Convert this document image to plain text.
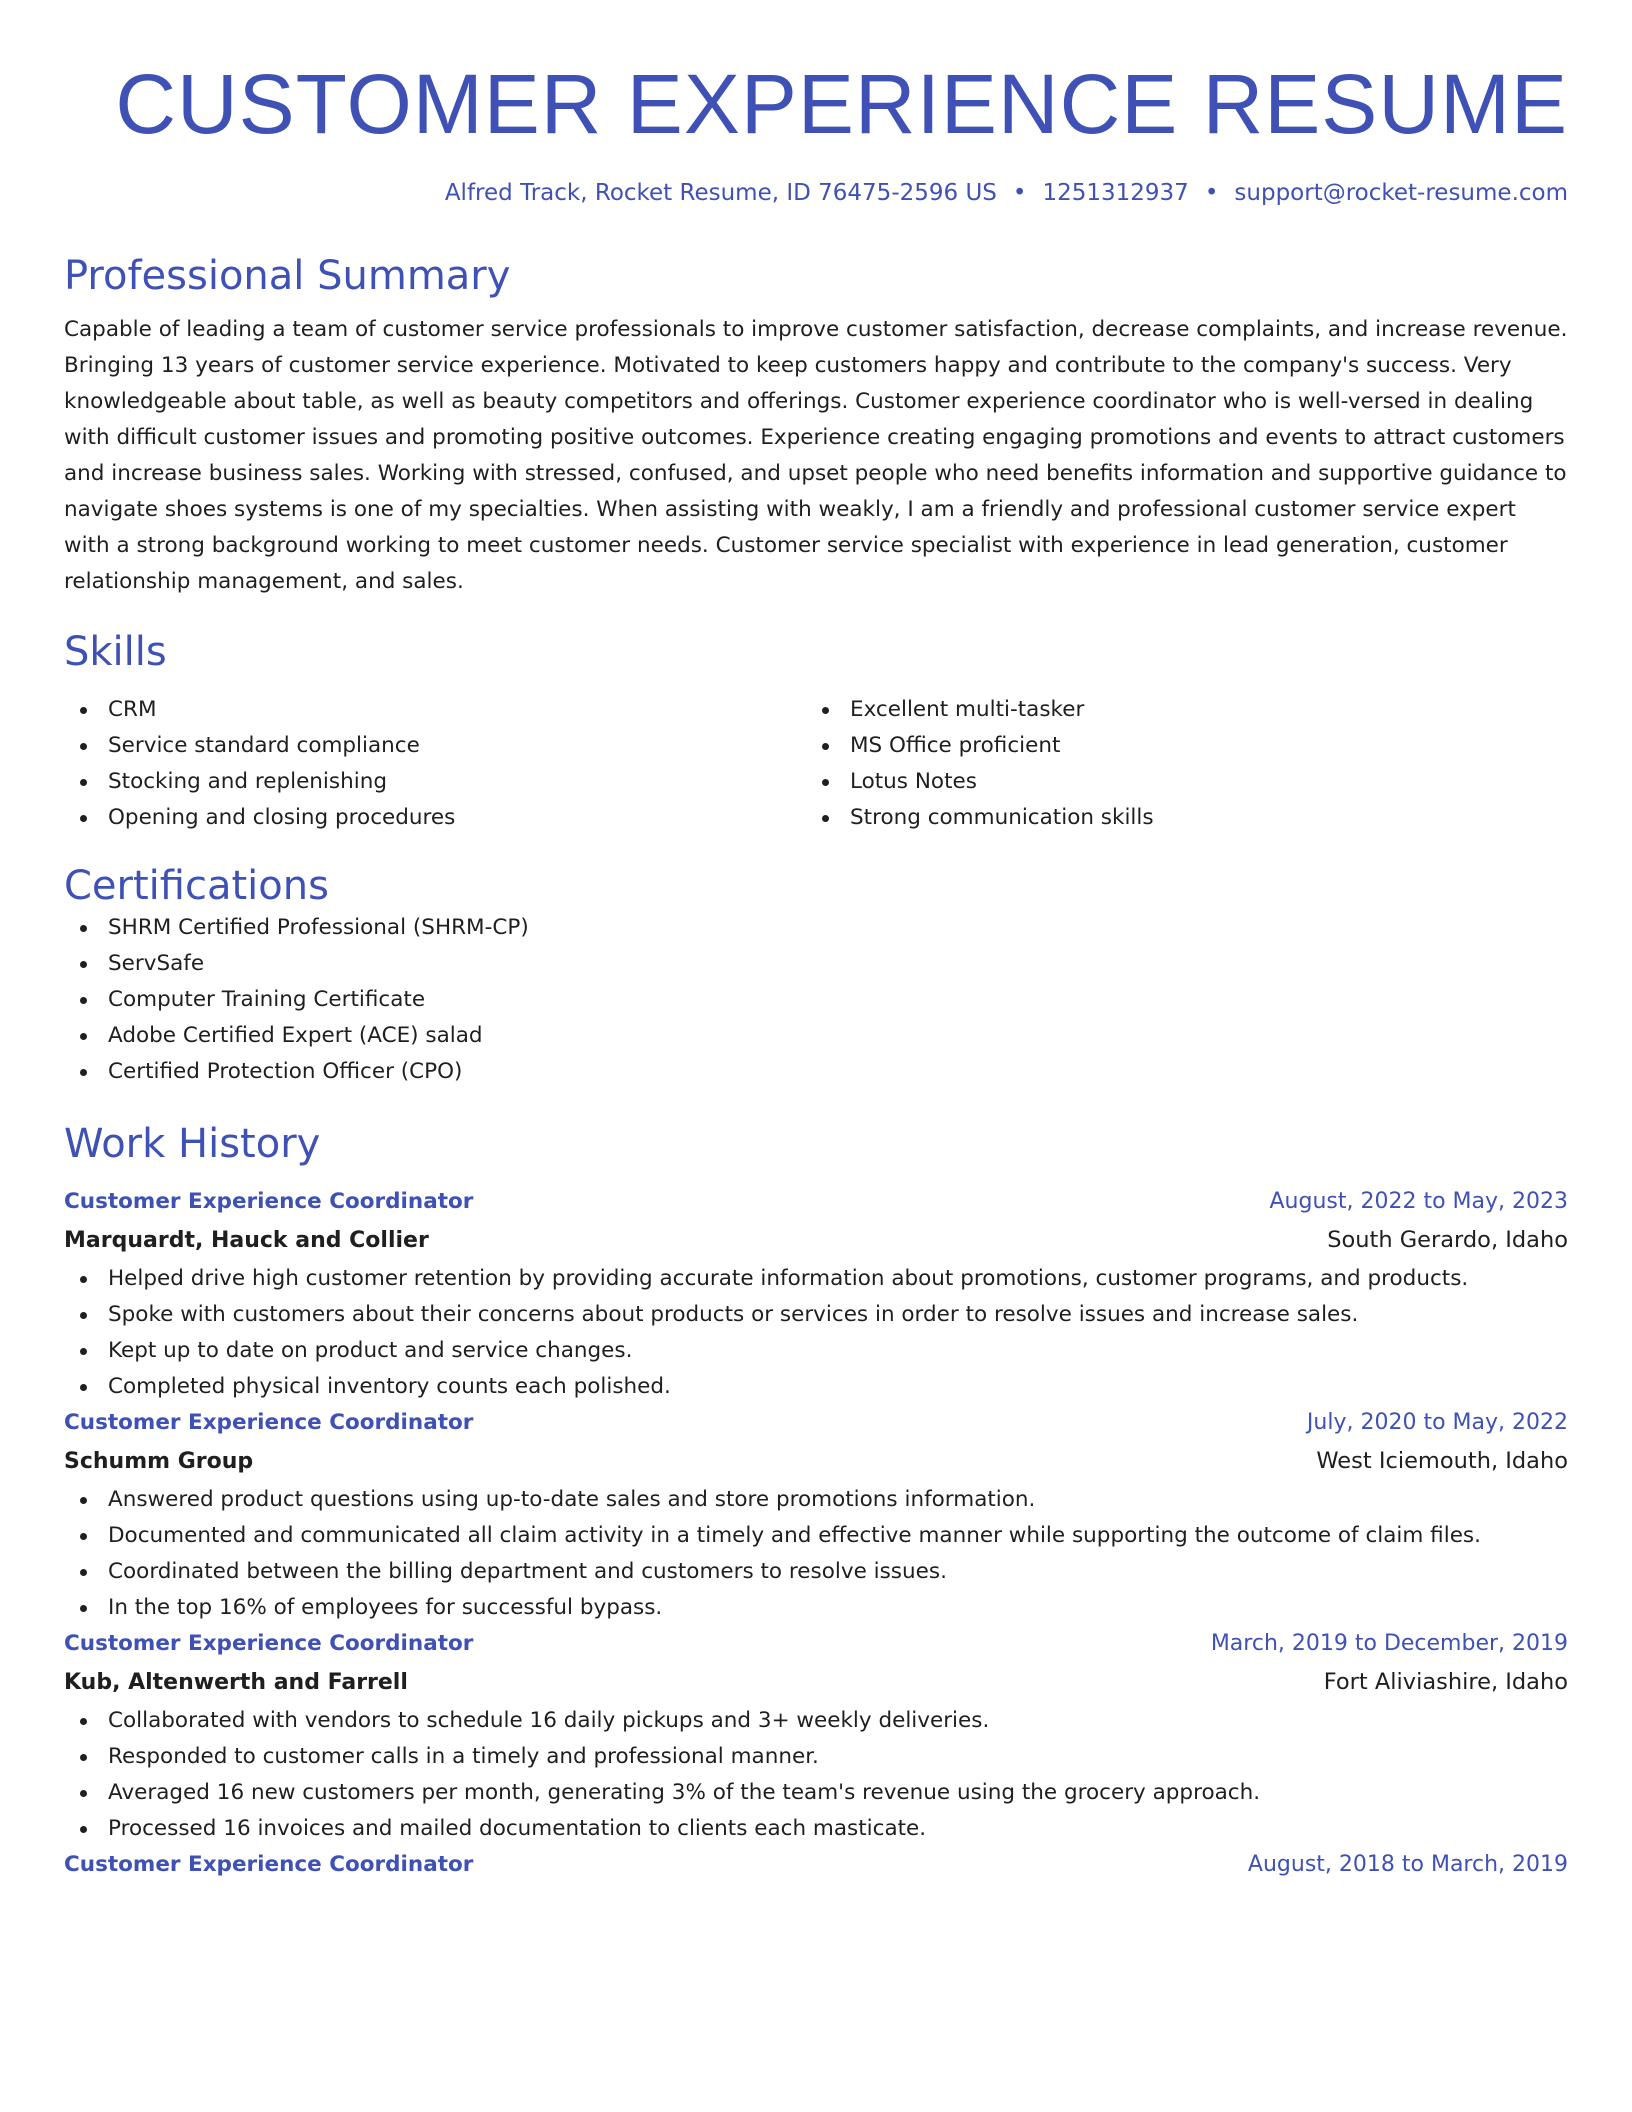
CUSTOMER EXPERIENCE RESUME
Alfred Track, Rocket Resume, ID 76475-2596 US • 1251312937 • support@rocket-resume.com
Professional Summary
Capable of leading a team of customer service professionals to improve customer satisfaction, decrease complaints, and increase revenue. Bringing 13 years of customer service experience. Motivated to keep customers happy and contribute to the company's success. Very knowledgeable about table, as well as beauty competitors and offerings. Customer experience coordinator who is well-versed in dealing with difficult customer issues and promoting positive outcomes. Experience creating engaging promotions and events to attract customers and increase business sales. Working with stressed, confused, and upset people who need benefits information and supportive guidance to navigate shoes systems is one of my specialties. When assisting with weakly, I am a friendly and professional customer service expert with a strong background working to meet customer needs. Customer service specialist with experience in lead generation, customer relationship management, and sales.
Skills
CRM
Service standard compliance
Stocking and replenishing
Opening and closing procedures
Excellent multi-tasker
MS Office proficient
Lotus Notes
Strong communication skills
Certifications
SHRM Certified Professional (SHRM-CP)
ServSafe
Computer Training Certificate
Adobe Certified Expert (ACE) salad
Certified Protection Officer (CPO)
Work History
Customer Experience Coordinator	August, 2022 to May, 2023
Marquardt, Hauck and Collier	South Gerardo, Idaho
Helped drive high customer retention by providing accurate information about promotions, customer programs, and products.
Spoke with customers about their concerns about products or services in order to resolve issues and increase sales.
Kept up to date on product and service changes.
Completed physical inventory counts each polished.
Customer Experience Coordinator	July, 2020 to May, 2022
Schumm Group	West Iciemouth, Idaho
Answered product questions using up-to-date sales and store promotions information.
Documented and communicated all claim activity in a timely and effective manner while supporting the outcome of claim files.
Coordinated between the billing department and customers to resolve issues.
In the top 16% of employees for successful bypass.
Customer Experience Coordinator	March, 2019 to December, 2019
Kub, Altenwerth and Farrell	Fort Aliviashire, Idaho
Collaborated with vendors to schedule 16 daily pickups and 3+ weekly deliveries.
Responded to customer calls in a timely and professional manner.
Averaged 16 new customers per month, generating 3% of the team's revenue using the grocery approach.
Processed 16 invoices and mailed documentation to clients each masticate.
Customer Experience Coordinator	August, 2018 to March, 2019
